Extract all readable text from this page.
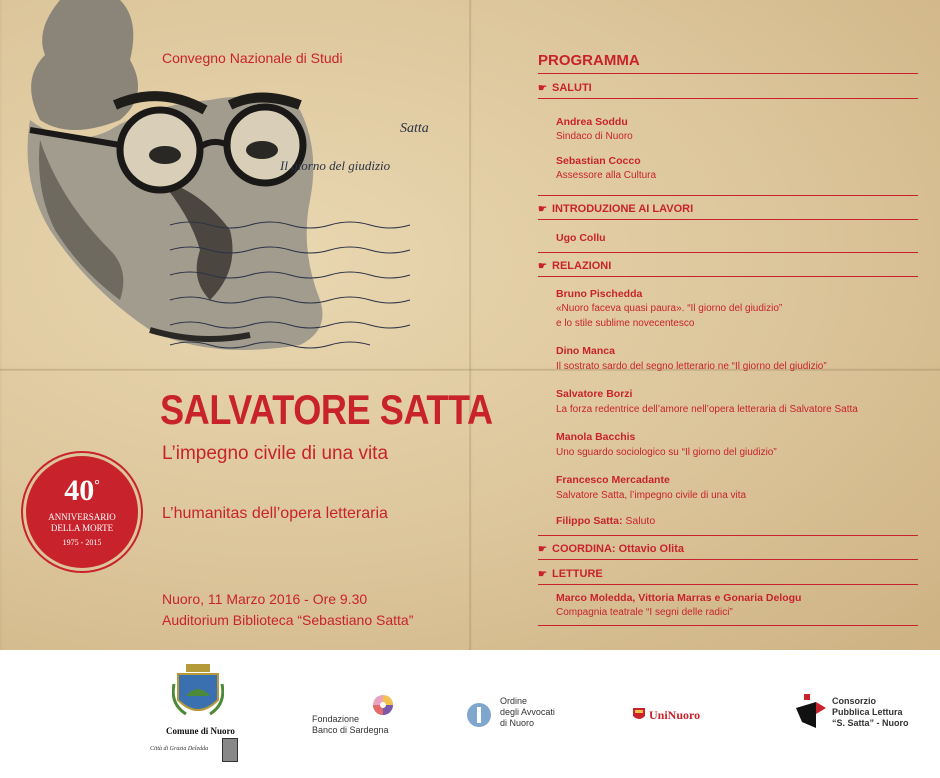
Satta
Il giorno del giudizio
Convegno Nazionale di Studi
SALVATORE SATTA
L’impegno civile di una vita
L’humanitas dell’opera letteraria
Nuoro, 11 Marzo 2016 - Ore 9.30
Auditorium Biblioteca “Sebastiano Satta”
40°
ANNIVERSARIO
DELLA MORTE
1975 - 2015
PROGRAMMA
☛ SALUTI
Andrea Soddu
Sindaco di Nuoro
Sebastian Cocco
Assessore alla Cultura
☛ INTRODUZIONE AI LAVORI
Ugo Collu
☛ RELAZIONI
Bruno Pischedda
«Nuoro faceva quasi paura». “Il giorno del giudizio”
e lo stile sublime novecentesco
Dino Manca
Il sostrato sardo del segno letterario ne “Il giorno del giudizio”
Salvatore Borzi
La forza redentrice dell’amore nell’opera letteraria di Salvatore Satta
Manola Bacchis
Uno sguardo sociologico su “Il giorno del giudizio”
Francesco Mercadante
Salvatore Satta, l’impegno civile di una vita
Filippo Satta: Saluto
☛ COORDINA: Ottavio Olita
☛ LETTURE
Marco Moledda, Vittoria Marras e Gonaria Delogu
Compagnia teatrale “I segni delle radici”
Comune di Nuoro
Città di Grazia Deledda
Fondazione
Banco di Sardegna
Ordine
degli Avvocati
di Nuoro
UniNuoro
Consorzio
Pubblica Lettura
“S. Satta” - Nuoro
